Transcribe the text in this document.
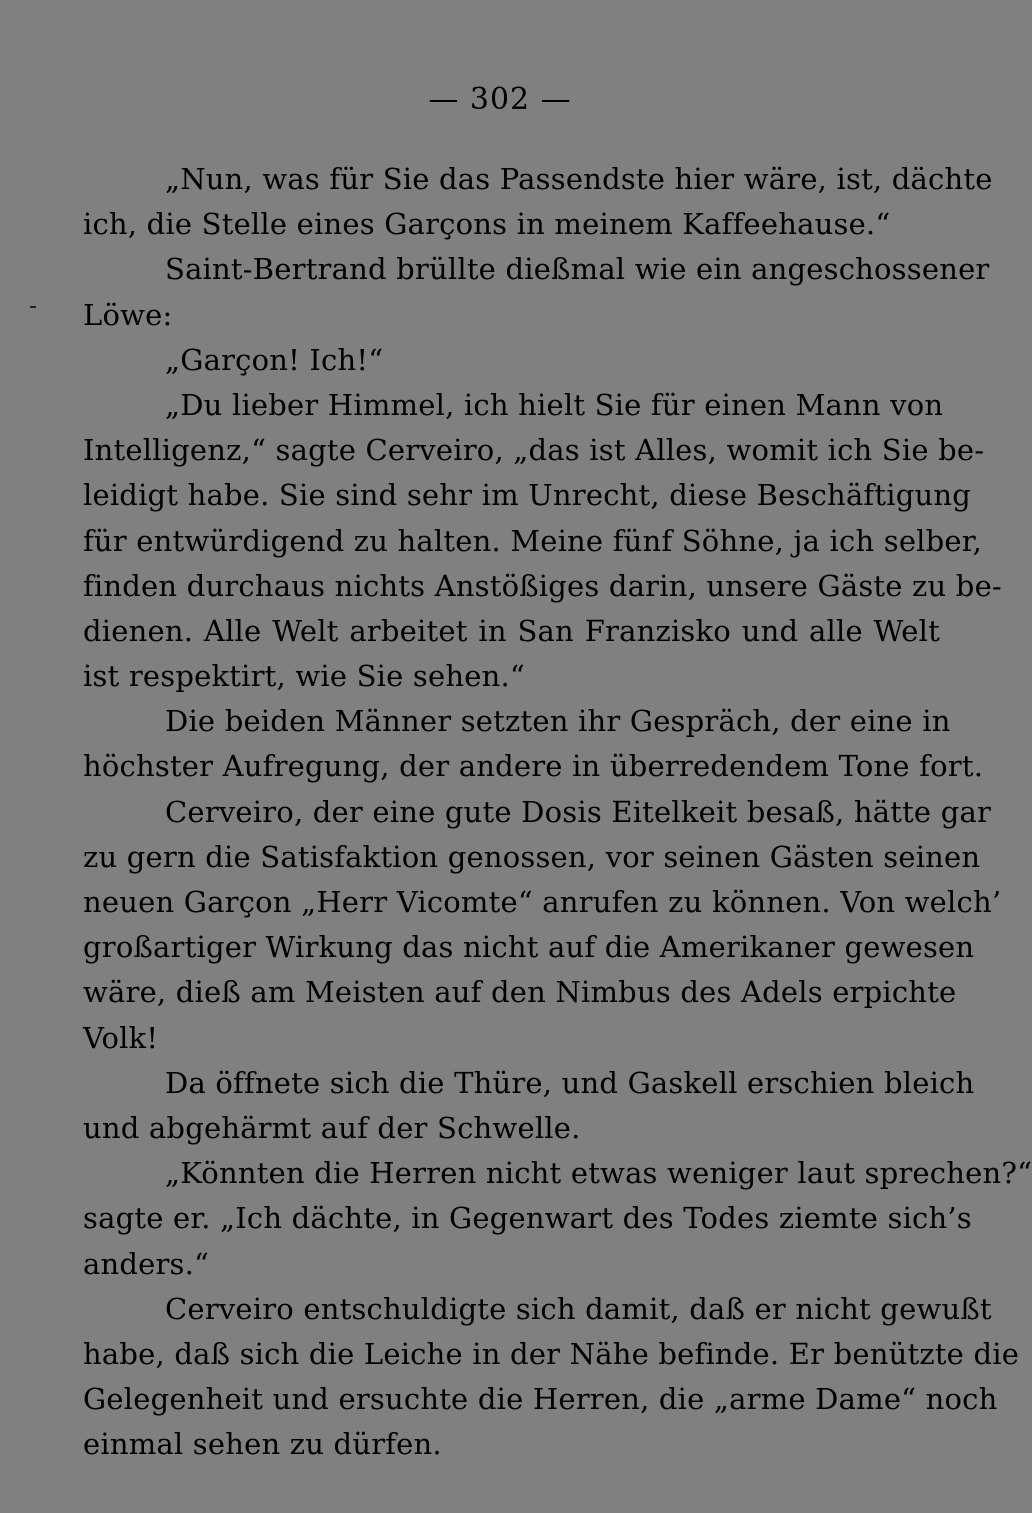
— 302 —
„Nun, was für Sie das Passendste hier wäre, ist, dächte
ich, die Stelle eines Garçons in meinem Kaffeehause.“
Saint-Bertrand brüllte dießmal wie ein angeschossener
Löwe:
„Garçon! Ich!“
„Du lieber Himmel, ich hielt Sie für einen Mann von
Intelligenz,“ sagte Cerveiro, „das ist Alles, womit ich Sie be-
leidigt habe. Sie sind sehr im Unrecht, diese Beschäftigung
für entwürdigend zu halten. Meine fünf Söhne, ja ich selber,
finden durchaus nichts Anstößiges darin, unsere Gäste zu be-
dienen. Alle Welt arbeitet in San Franzisko und alle Welt
ist respektirt, wie Sie sehen.“
Die beiden Männer setzten ihr Gespräch, der eine in
höchster Aufregung, der andere in überredendem Tone fort.
Cerveiro, der eine gute Dosis Eitelkeit besaß, hätte gar
zu gern die Satisfaktion genossen, vor seinen Gästen seinen
neuen Garçon „Herr Vicomte“ anrufen zu können. Von welch’
großartiger Wirkung das nicht auf die Amerikaner gewesen
wäre, dieß am Meisten auf den Nimbus des Adels erpichte
Volk!
Da öffnete sich die Thüre, und Gaskell erschien bleich
und abgehärmt auf der Schwelle.
„Könnten die Herren nicht etwas weniger laut sprechen?“
sagte er. „Ich dächte, in Gegenwart des Todes ziemte sich’s
anders.“
Cerveiro entschuldigte sich damit, daß er nicht gewußt
habe, daß sich die Leiche in der Nähe befinde. Er benützte die
Gelegenheit und ersuchte die Herren, die „arme Dame“ noch
einmal sehen zu dürfen.
